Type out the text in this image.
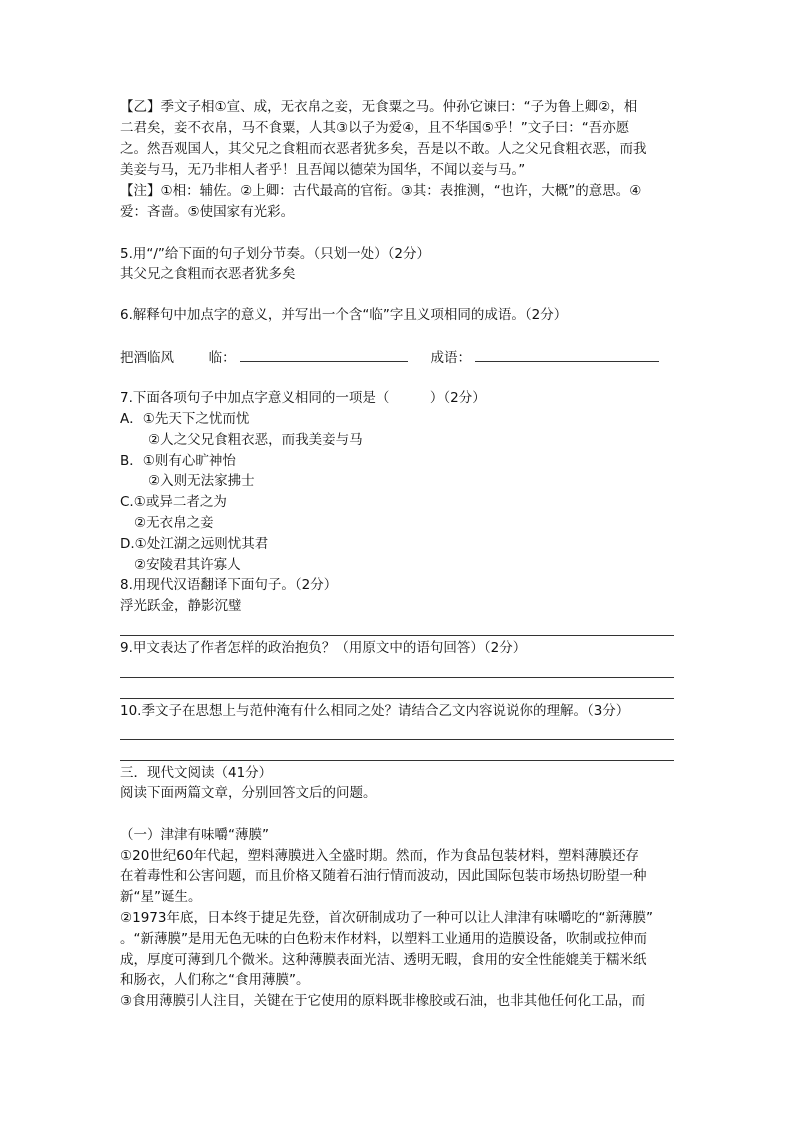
【乙】季文子相①宣、成，无衣帛之妾，无食粟之马。仲孙它谏曰：“子为鲁上卿②，相
二君矣，妾不衣帛，马不食粟，人其③以子为爱④，且不华国⑤乎！”文子曰：“吾亦愿
之。然吾观国人，其父兄之食粗而衣恶者犹多矣，吾是以不敢。人之父兄食粗衣恶，而我
美妾与马，无乃非相人者乎！且吾闻以德荣为国华，不闻以妾与马。”
【注】①相：辅佐。②上卿：古代最高的官衔。③其：表推测，“也许，大概”的意思。④
爱：吝啬。⑤使国家有光彩。
5.用“/”给下面的句子划分节奏。（只划一处）（2分）
其父兄之食粗而衣恶者犹多矣
6.解释句中加点字的意义，并写出一个含“临”字且义项相同的成语。（2分）
把酒临风	临：	成语：
7.下面各项句子中加点字意义相同的一项是（　　　）（2分）
A．①先天下之忧而忧
②人之父兄食粗衣恶，而我美妾与马
B．①则有心旷神怡
②入则无法家拂士
C.①或异二者之为
②无衣帛之妾
D.①处江湖之远则忧其君
②安陵君其许寡人
8.用现代汉语翻译下面句子。（2分）
浮光跃金，静影沉璧
9.甲文表达了作者怎样的政治抱负？（用原文中的语句回答）（2分）
10.季文子在思想上与范仲淹有什么相同之处？请结合乙文内容说说你的理解。（3分）
三．现代文阅读（41分）
阅读下面两篇文章，分别回答文后的问题。
（一）津津有味嚼“薄膜”
①20世纪60年代起，塑料薄膜进入全盛时期。然而，作为食品包装材料，塑料薄膜还存
在着毒性和公害问题，而且价格又随着石油行情而波动，因此国际包装市场热切盼望一种
新“星”诞生。
②1973年底，日本终于捷足先登，首次研制成功了一种可以让人津津有味嚼吃的“新薄膜”
。“新薄膜”是用无色无味的白色粉末作材料，以塑料工业通用的造膜设备，吹制或拉伸而
成，厚度可薄到几个微米。这种薄膜表面光洁、透明无暇，食用的安全性能媲美于糯米纸
和肠衣，人们称之“食用薄膜”。
③食用薄膜引人注目，关键在于它使用的原料既非橡胶或石油，也非其他任何化工品，而
